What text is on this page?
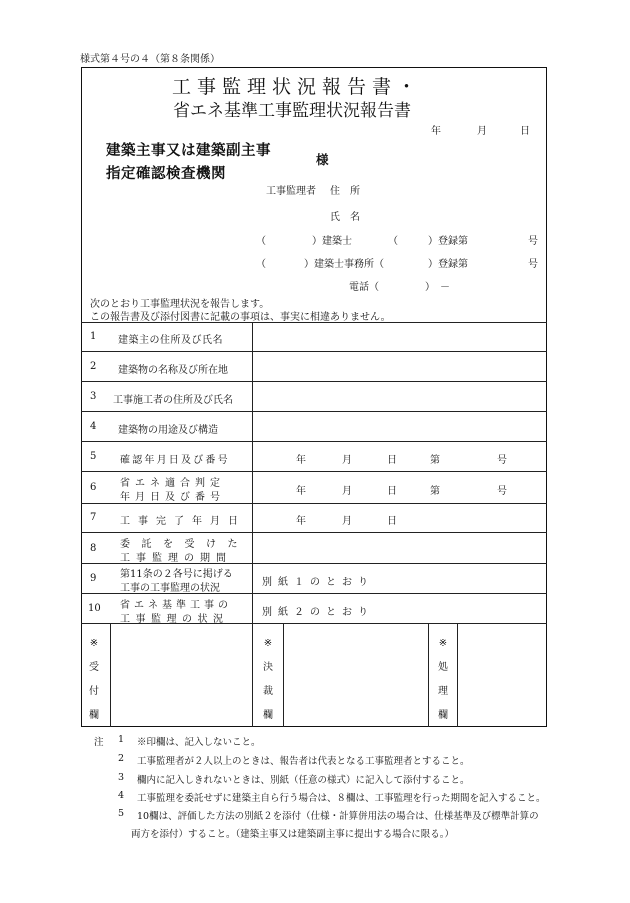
様式第４号の４（第８条関係）
工事監理状況報告書・
省エネ基準工事監理状況報告書
年	月	日
建築主事又は建築副主事
指定確認検査機関
様
工事監理者 住　所
氏　名
（	）建築士	（	）登録第	号
（	）建築士事務所（	）登録第	号
電話（	）　－
次のとおり工事監理状況を報告します。
この報告書及び添付図書に記載の事項は、事実に相違ありません。
1 建築主の住所及び氏名
2 建築物の名称及び所在地
3 工事施工者の住所及び氏名
4 建築物の用途及び構造
5 確認年月日及び番号	年	月	日	第	号
6 省エネ適合判定
年月日及び番号
年	月	日	第	号
7 工事完了年月日	年	月	日
8 委託を受けた
工事監理の期間
9 第11条の２各号に掲げる
工事の工事監理の状況
別紙１のとおり
10 省エネ基準工事の
工事監理の状況
別紙２のとおり
※
受
付
欄
※
決
裁
欄
※
処
理
欄
注 1 ※印欄は、記入しないこと。
2 工事監理者が２人以上のときは、報告者は代表となる工事監理者とすること。
3 欄内に記入しきれないときは、別紙（任意の様式）に記入して添付すること。
4 工事監理を委託せずに建築主自ら行う場合は、８欄は、工事監理を行った期間を記入すること。
5 10欄は、評価した方法の別紙２を添付（仕様・計算併用法の場合は、仕様基準及び標準計算の
両方を添付）すること。（建築主事又は建築副主事に提出する場合に限る。）
